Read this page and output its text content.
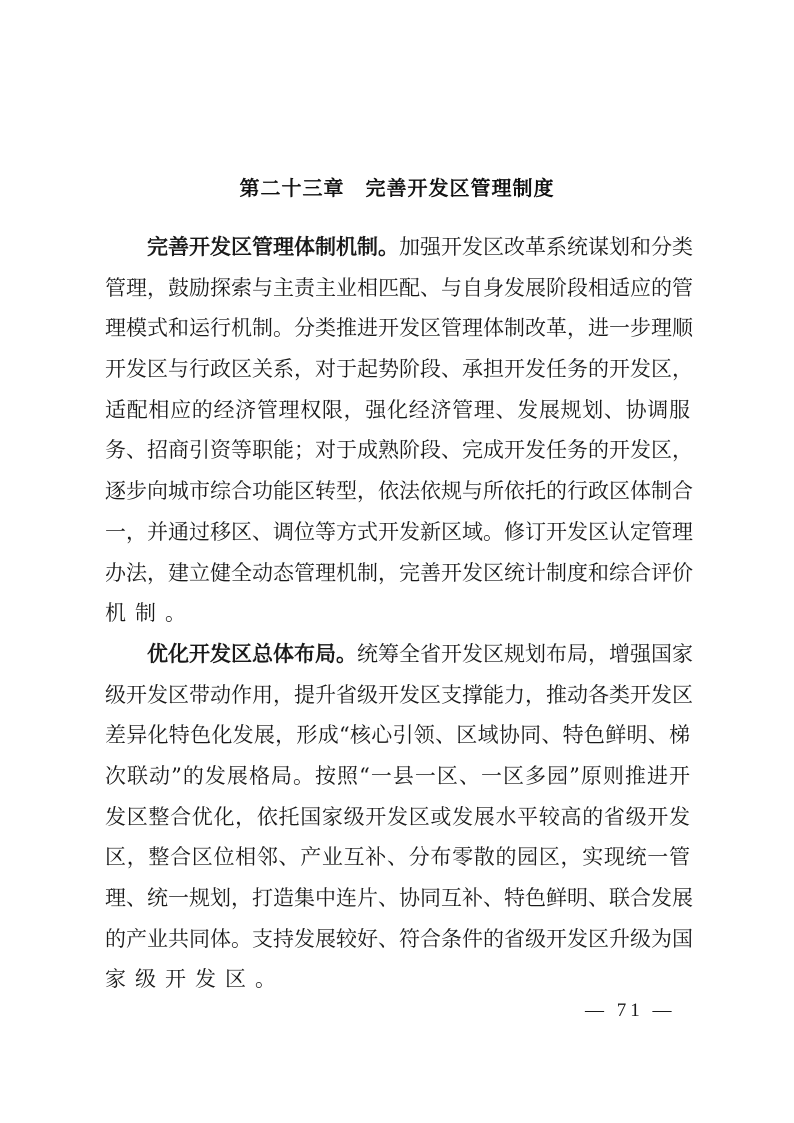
第二十三章　完善开发区管理制度
完善开发区管理体制机制。加强开发区改革系统谋划和分类
管理，鼓励探索与主责主业相匹配、与自身发展阶段相适应的管
理模式和运行机制。分类推进开发区管理体制改革，进一步理顺
开发区与行政区关系，对于起势阶段、承担开发任务的开发区，
适配相应的经济管理权限，强化经济管理、发展规划、协调服
务、招商引资等职能；对于成熟阶段、完成开发任务的开发区，
逐步向城市综合功能区转型，依法依规与所依托的行政区体制合
一，并通过移区、调位等方式开发新区域。修订开发区认定管理
办法，建立健全动态管理机制，完善开发区统计制度和综合评价
机制。
优化开发区总体布局。统筹全省开发区规划布局，增强国家
级开发区带动作用，提升省级开发区支撑能力，推动各类开发区
差异化特色化发展，形成“核心引领、区域协同、特色鲜明、梯
次联动”的发展格局。按照“一县一区、一区多园”原则推进开
发区整合优化，依托国家级开发区或发展水平较高的省级开发
区，整合区位相邻、产业互补、分布零散的园区，实现统一管
理、统一规划，打造集中连片、协同互补、特色鲜明、联合发展
的产业共同体。支持发展较好、符合条件的省级开发区升级为国
家级开发区。
— 71 —
